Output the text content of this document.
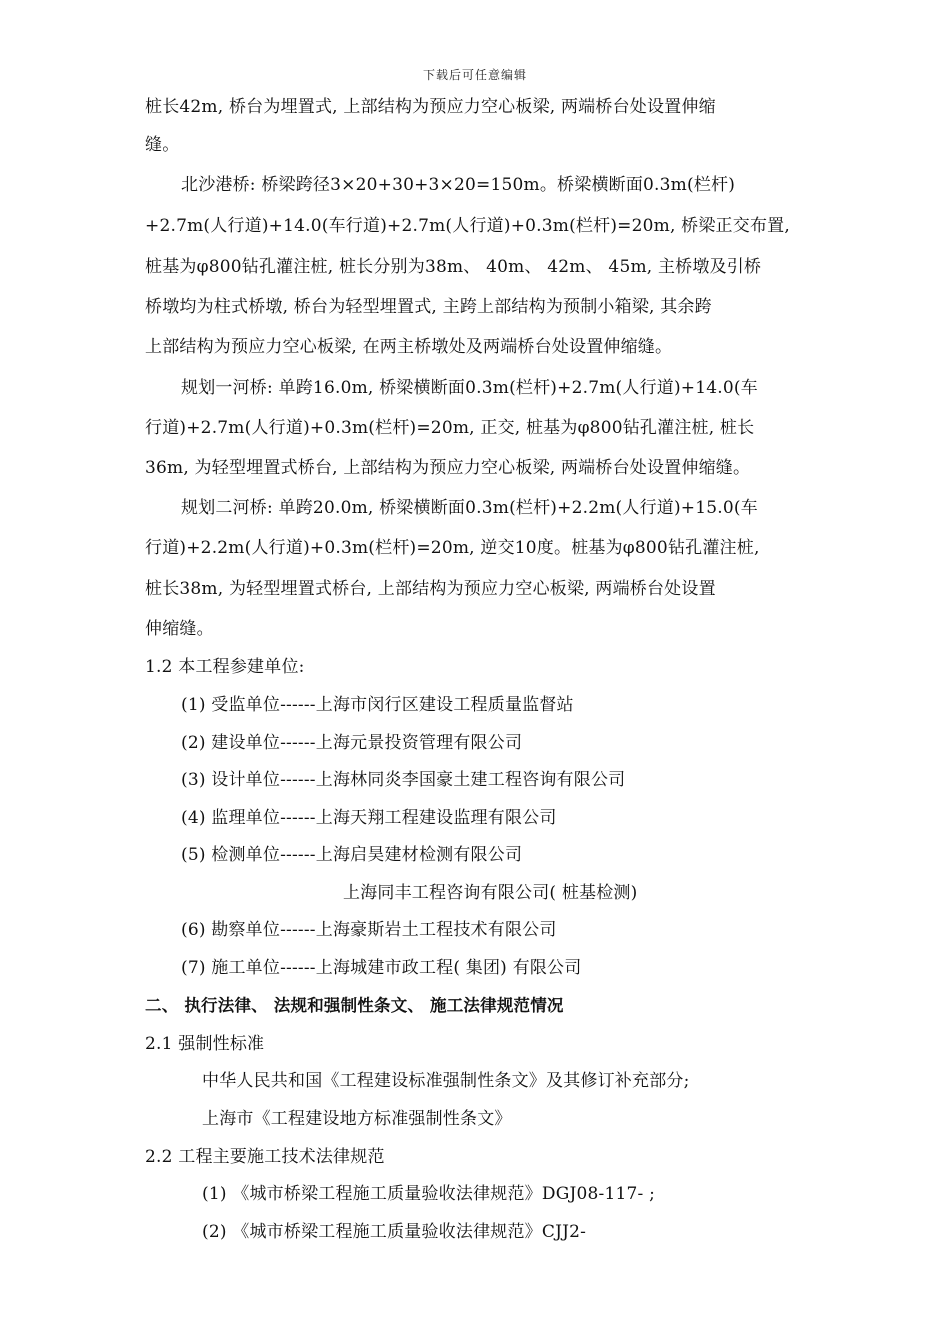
下载后可任意编辑
桩长42m, 桥台为埋置式, 上部结构为预应力空心板梁, 两端桥台处设置伸缩
缝。
北沙港桥: 桥梁跨径3×20+30+3×20=150m。桥梁横断面0.3m(栏杆)
+2.7m(人行道)+14.0(车行道)+2.7m(人行道)+0.3m(栏杆)=20m, 桥梁正交布置,
桩基为φ800钻孔灌注桩, 桩长分别为38m、 40m、 42m、 45m, 主桥墩及引桥
桥墩均为柱式桥墩, 桥台为轻型埋置式, 主跨上部结构为预制小箱梁, 其余跨
上部结构为预应力空心板梁, 在两主桥墩处及两端桥台处设置伸缩缝。
规划一河桥: 单跨16.0m, 桥梁横断面0.3m(栏杆)+2.7m(人行道)+14.0(车
行道)+2.7m(人行道)+0.3m(栏杆)=20m, 正交, 桩基为φ800钻孔灌注桩, 桩长
36m, 为轻型埋置式桥台, 上部结构为预应力空心板梁, 两端桥台处设置伸缩缝。
规划二河桥: 单跨20.0m, 桥梁横断面0.3m(栏杆)+2.2m(人行道)+15.0(车
行道)+2.2m(人行道)+0.3m(栏杆)=20m, 逆交10度。桩基为φ800钻孔灌注桩,
桩长38m, 为轻型埋置式桥台, 上部结构为预应力空心板梁, 两端桥台处设置
伸缩缝。
1.2 本工程参建单位:
(1) 受监单位------上海市闵行区建设工程质量监督站
(2) 建设单位------上海元景投资管理有限公司
(3) 设计单位------上海林同炎李国豪土建工程咨询有限公司
(4) 监理单位------上海天翔工程建设监理有限公司
(5) 检测单位------上海启昊建材检测有限公司
上海同丰工程咨询有限公司( 桩基检测)
(6) 勘察单位------上海豪斯岩土工程技术有限公司
(7) 施工单位------上海城建市政工程( 集团) 有限公司
二、 执行法律、 法规和强制性条文、 施工法律规范情况
2.1 强制性标准
中华人民共和国《工程建设标准强制性条文》及其修订补充部分;
上海市《工程建设地方标准强制性条文》
2.2 工程主要施工技术法律规范
(1) 《城市桥梁工程施工质量验收法律规范》DGJ08-117- ;
(2) 《城市桥梁工程施工质量验收法律规范》CJJ2-
